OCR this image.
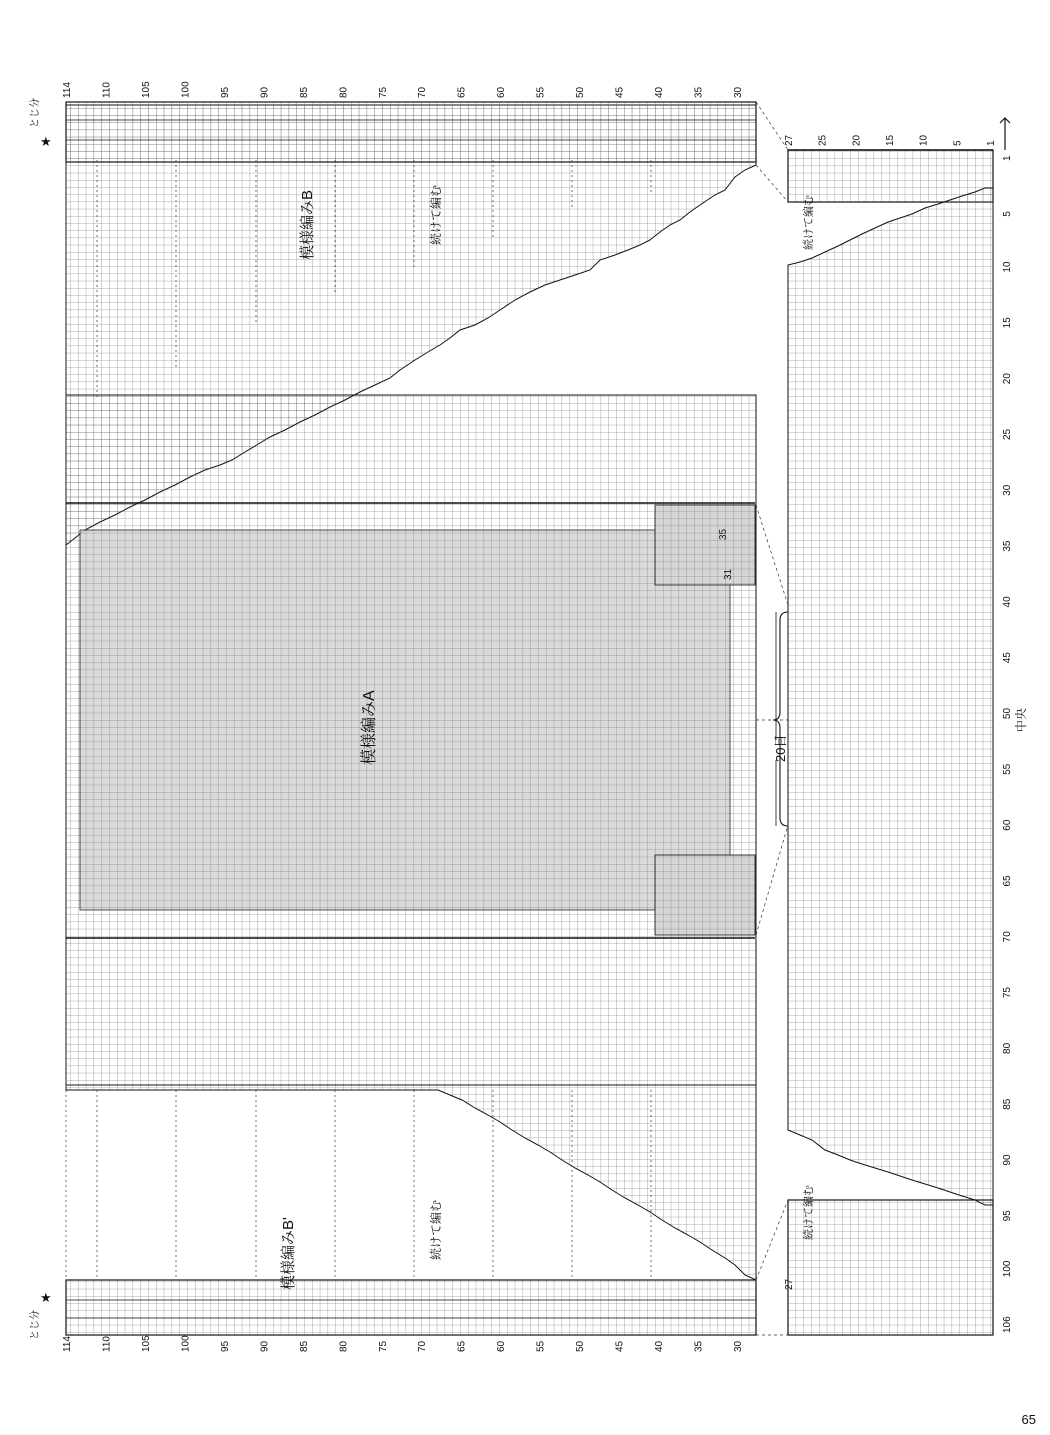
模様編みB
模様編みA
模様編みB'
続けて編む
続けて編む
続けて編む
続けて編む
20目
中央
とじ分
とじ分
★
★
35
31
114	110	105	100	95	90	85	80	75	70	65	60	55	50	45	40	35	30
27 25 20 15 10 5 1
1
5
10
15
20
25
30
35
40
45
50
55
60
65
70
75
80
85
90
95
100
106
114	110	105	100	95	90	85	80	75	70	65	60	55	50	45	40	35	30
27
65
